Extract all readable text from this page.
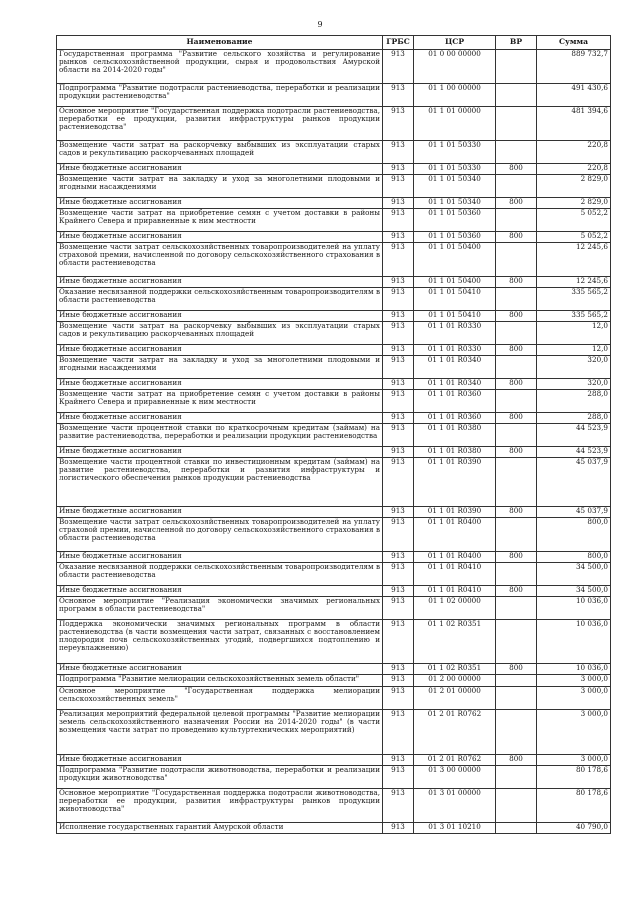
9
Наименование	ГРБС	ЦСР	ВР	Сумма
Государственная программа "Развитие сельского хозяйства и регулирование рынков сельскохозяйственной продукции, сырья и продовольствия Амурской области на 2014-2020 годы"	913	01 0 00 00000		889 732,7
Подпрограмма "Развитие подотрасли растениеводства, переработки и реализации продукции растениеводства"	913	01 1 00 00000		491 430,6
Основное мероприятие "Государственная поддержка подотрасли растениеводства, переработки ее продукции, развития инфраструктуры рынков продукции растениеводства"	913	01 1 01 00000		481 394,6
Возмещение части затрат на раскорчевку выбывших из эксплуатации старых садов и рекультивацию раскорчеванных площадей	913	01 1 01 50330		220,8
Иные бюджетные ассигнования	913	01 1 01 50330	800	220,8
Возмещение части затрат на закладку и уход за многолетними плодовыми и ягодными насаждениями	913	01 1 01 50340		2 829,0
Иные бюджетные ассигнования	913	01 1 01 50340	800	2 829,0
Возмещение части затрат на приобретение семян с учетом доставки в районы Крайнего Севера и приравненные к ним местности	913	01 1 01 50360		5 052,2
Иные бюджетные ассигнования	913	01 1 01 50360	800	5 052,2
Возмещение части затрат сельскохозяйственных товаропроизводителей на уплату страховой премии, начисленной по договору сельскохозяйственного страхования в области растениеводства	913	01 1 01 50400		12 245,6
Иные бюджетные ассигнования	913	01 1 01 50400	800	12 245,6
Оказание несвязанной поддержки сельскохозяйственным товаропроизводителям в области растениеводства	913	01 1 01 50410		335 565,2
Иные бюджетные ассигнования	913	01 1 01 50410	800	335 565,2
Возмещение части затрат на раскорчевку выбывших из эксплуатации старых садов и рекультивацию раскорчеванных площадей	913	01 1 01 R0330		12,0
Иные бюджетные ассигнования	913	01 1 01 R0330	800	12,0
Возмещение части затрат на закладку и уход за многолетними плодовыми и ягодными насаждениями	913	01 1 01 R0340		320,0
Иные бюджетные ассигнования	913	01 1 01 R0340	800	320,0
Возмещение части затрат на приобретение семян с учетом доставки в районы Крайнего Севера и приравненные к ним местности	913	01 1 01 R0360		288,0
Иные бюджетные ассигнования	913	01 1 01 R0360	800	288,0
Возмещение части процентной ставки по краткосрочным кредитам (займам) на развитие растениеводства, переработки и реализации продукции растениеводства	913	01 1 01 R0380		44 523,9
Иные бюджетные ассигнования	913	01 1 01 R0380	800	44 523,9
Возмещение части процентной ставки по инвестиционным кредитам (займам) на развитие растениеводства, переработки и развития инфраструктуры и логистического обеспечения рынков продукции растениеводства	913	01 1 01 R0390		45 037,9
Иные бюджетные ассигнования	913	01 1 01 R0390	800	45 037,9
Возмещение части затрат сельскохозяйственных товаропроизводителей на уплату страховой премии, начисленной по договору сельскохозяйственного страхования в области растениеводства	913	01 1 01 R0400		800,0
Иные бюджетные ассигнования	913	01 1 01 R0400	800	800,0
Оказание несвязанной поддержки сельскохозяйственным товаропроизводителям в области растениеводства	913	01 1 01 R0410		34 500,0
Иные бюджетные ассигнования	913	01 1 01 R0410	800	34 500,0
Основное мероприятие "Реализация экономически значимых региональных программ в области растениеводства"	913	01 1 02 00000		10 036,0
Поддержка экономически значимых региональных программ в области растениеводства (в части возмещения части затрат, связанных с восстановлением плодородия почв сельскохозяйственных угодий, подвергшихся подтоплению и переувлажнению)	913	01 1 02 R0351		10 036,0
Иные бюджетные ассигнования	913	01 1 02 R0351	800	10 036,0
Подпрограмма "Развитие мелиорации сельскохозяйственных земель области"	913	01 2 00 00000		3 000,0
Основное мероприятие "Государственная поддержка мелиорации сельскохозяйственных земель"	913	01 2 01 00000		3 000,0
Реализация мероприятий федеральной целевой программы "Развитие мелиорации земель сельскохозяйственного назначения России на 2014-2020 годы" (в части возмещения части затрат по проведению культуртехнических мероприятий)	913	01 2 01 R0762		3 000,0
Иные бюджетные ассигнования	913	01 2 01 R0762	800	3 000,0
Подпрограмма "Развитие подотрасли животноводства, переработки и реализации продукции животноводства"	913	01 3 00 00000		80 178,6
Основное мероприятие "Государственная поддержка подотрасли животноводства, переработки ее продукции, развития инфраструктуры рынков продукции животноводства"	913	01 3 01 00000		80 178,6
Исполнение государственных гарантий Амурской области	913	01 3 01 10210		40 790,0
